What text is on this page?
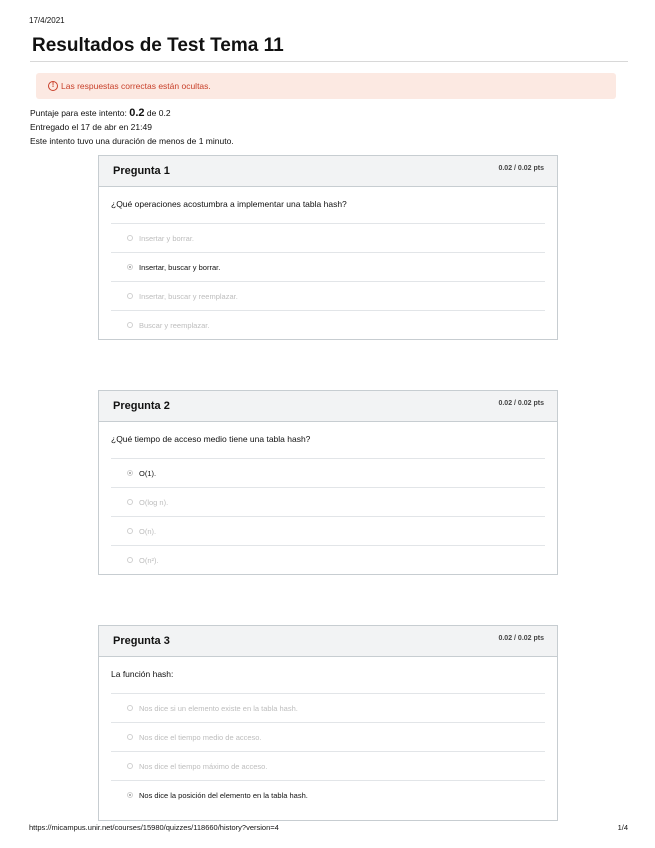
17/4/2021
Resultados de Test Tema 11
! Las respuestas correctas están ocultas.
Puntaje para este intento: 0.2 de 0.2
Entregado el 17 de abr en 21:49
Este intento tuvo una duración de menos de 1 minuto.
Pregunta 1	0.02 / 0.02 pts
¿Qué operaciones acostumbra a implementar una tabla hash?
Insertar y borrar.
Insertar, buscar y borrar.
Insertar, buscar y reemplazar.
Buscar y reemplazar.
Pregunta 2	0.02 / 0.02 pts
¿Qué tiempo de acceso medio tiene una tabla hash?
O(1).
O(log n).
O(n).
O(n²).
Pregunta 3	0.02 / 0.02 pts
La función hash:
Nos dice si un elemento existe en la tabla hash.
Nos dice el tiempo medio de acceso.
Nos dice el tiempo máximo de acceso.
Nos dice la posición del elemento en la tabla hash.
https://micampus.unir.net/courses/15980/quizzes/118660/history?version=4	1/4
